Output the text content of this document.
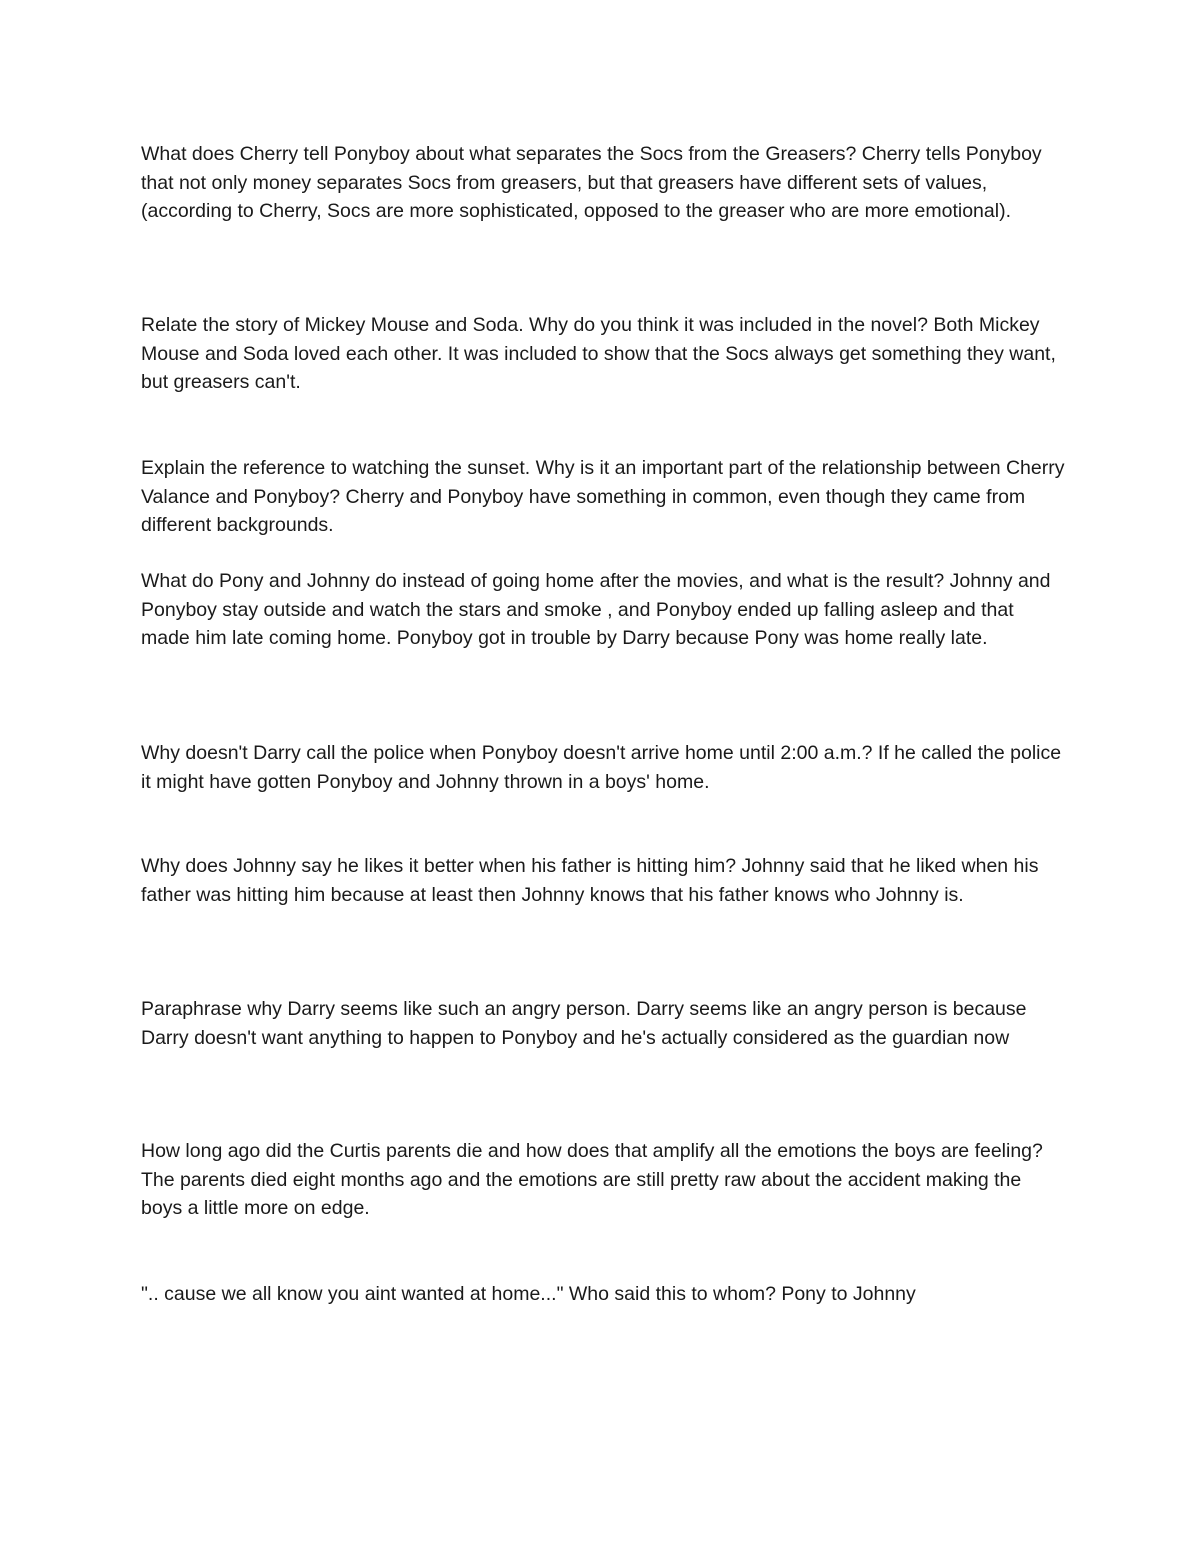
What does Cherry tell Ponyboy about what separates the Socs from the Greasers? Cherry tells Ponyboy that not only money separates Socs from greasers, but that greasers have different sets of values, (according to Cherry, Socs are more sophisticated, opposed to the greaser who are more emotional).

Relate the story of Mickey Mouse and Soda. Why do you think it was included in the novel? Both Mickey Mouse and Soda loved each other. It was included to show that the Socs always get something they want, but greasers can't.

Explain the reference to watching the sunset. Why is it an important part of the relationship between Cherry Valance and Ponyboy? Cherry and Ponyboy have something in common, even though they came from different backgrounds.

What do Pony and Johnny do instead of going home after the movies, and what is the result? Johnny and Ponyboy stay outside and watch the stars and smoke , and Ponyboy ended up falling asleep and that made him late coming home. Ponyboy got in trouble by Darry because Pony was home really late.

Why doesn't Darry call the police when Ponyboy doesn't arrive home until 2:00 a.m.? If he called the police it might have gotten Ponyboy and Johnny thrown in a boys' home.

Why does Johnny say he likes it better when his father is hitting him? Johnny said that he liked when his father was hitting him because at least then Johnny knows that his father knows who Johnny is.

Paraphrase why Darry seems like such an angry person. Darry seems like an angry person is because Darry doesn't want anything to happen to Ponyboy and he's actually considered as the guardian now

How long ago did the Curtis parents die and how does that amplify all the emotions the boys are feeling? The parents died eight months ago and the emotions are still pretty raw about the accident making the boys a little more on edge.

".. cause we all know you aint wanted at home..." Who said this to whom? Pony to Johnny
